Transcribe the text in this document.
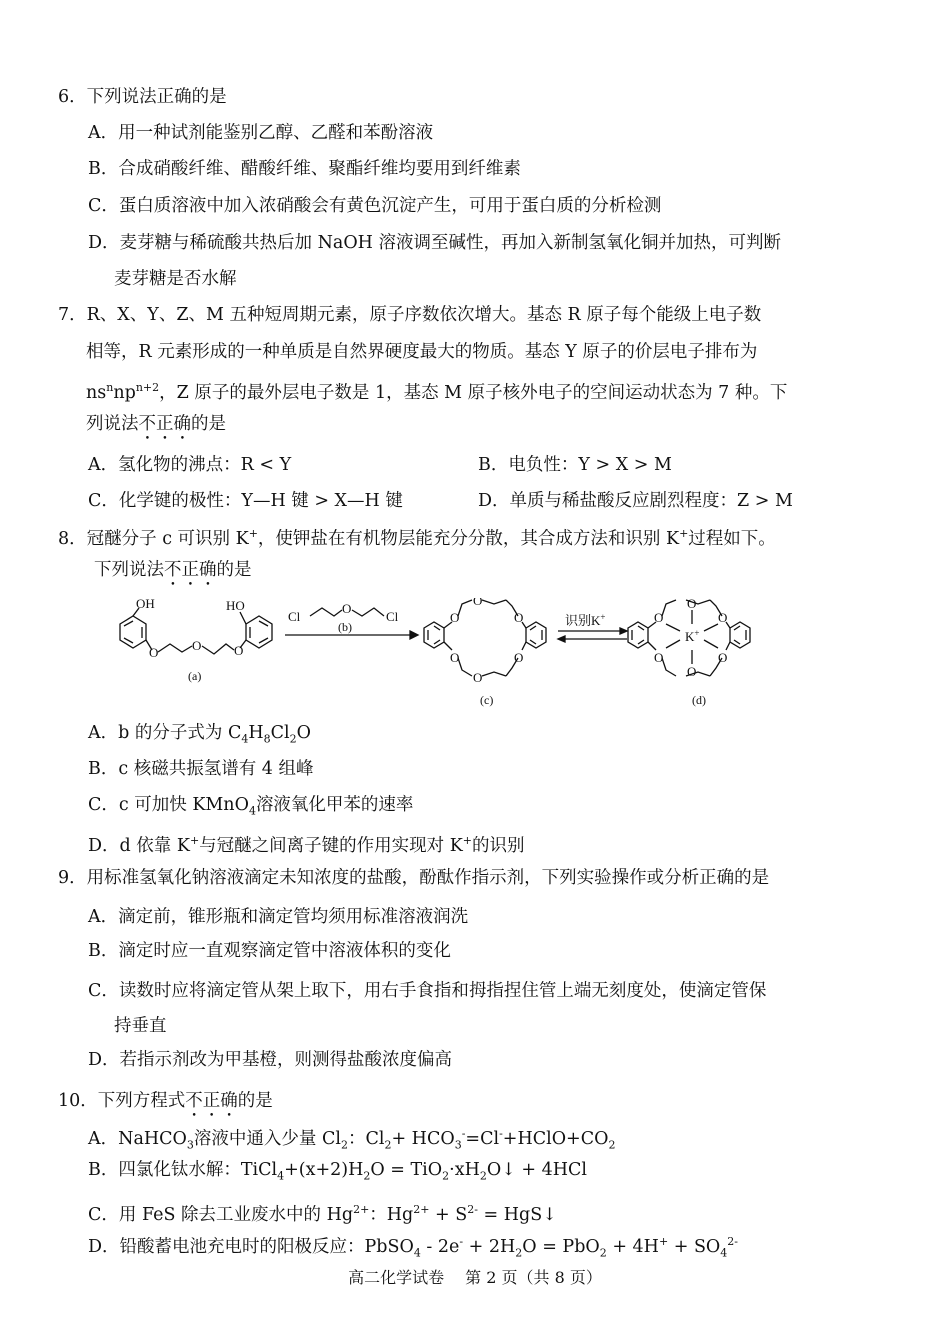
6．下列说法正确的是
A．用一种试剂能鉴别乙醇、乙醛和苯酚溶液
B．合成硝酸纤维、醋酸纤维、聚酯纤维均要用到纤维素
C．蛋白质溶液中加入浓硝酸会有黄色沉淀产生，可用于蛋白质的分析检测
D．麦芽糖与稀硫酸共热后加 NaOH 溶液调至碱性，再加入新制氢氧化铜并加热，可判断
麦芽糖是否水解
7．R、X、Y、Z、M 五种短周期元素，原子序数依次增大。基态 R 原子每个能级上电子数
相等，R 元素形成的一种单质是自然界硬度最大的物质。基态 Y 原子的价层电子排布为
$ns^nnp^{n+2}$，Z 原子的最外层电子数是 1，基态 M 原子核外电子的空间运动状态为 7 种。下
列说法不正确的是
A．氢化物的沸点：R < Y	B．电负性：Y > X > M
C．化学键的极性：Y—H 键 > X—H 键	D．单质与稀盐酸反应剧烈程度：Z > M
8．冠醚分子 c 可识别 K+，使钾盐在有机物层能充分分散，其合成方法和识别 K+过程如下。
下列说法不正确的是
OH	HO
O	O	O
(a)
Cl
O
Cl
(b)
O
O
O
O
O
O
(c)
识别K+	O
O
O
O
O
O
K+
(d)
A．b 的分子式为 $C_4H_8Cl_2O$
B．c 核磁共振氢谱有 4 组峰
C．c 可加快 KMnO$_4$溶液氧化甲苯的速率
D．d 依靠 K+与冠醚之间离子键的作用实现对 K+的识别
9．用标准氢氧化钠溶液滴定未知浓度的盐酸，酚酞作指示剂，下列实验操作或分析正确的是
A．滴定前，锥形瓶和滴定管均须用标准溶液润洗
B．滴定时应一直观察滴定管中溶液体积的变化
C．读数时应将滴定管从架上取下，用右手食指和拇指捏住管上端无刻度处，使滴定管保
持垂直
D．若指示剂改为甲基橙，则测得盐酸浓度偏高
10．下列方程式不正确的是
A．NaHCO$_3$溶液中通入少量 $Cl_2$：$Cl_2+$ $HCO_3^-=Cl^-+HClO+CO_2$
B．四氯化钛水解：$TiCl_4+(x+2)H_2O$ = $TiO_2\cdot xH_2O↓ + 4HCl$
C．用 FeS 除去工业废水中的 $Hg^{2+}$：$Hg^{2+} + S^{2-}$ = HgS↓
D．铅酸蓄电池充电时的阳极反应：PbSO$_4$ - $2e^- + 2H_2O = PbO_2 + 4H^+ + SO_4^{2-}$
高二化学试卷　 第 2 页（共 8 页）
